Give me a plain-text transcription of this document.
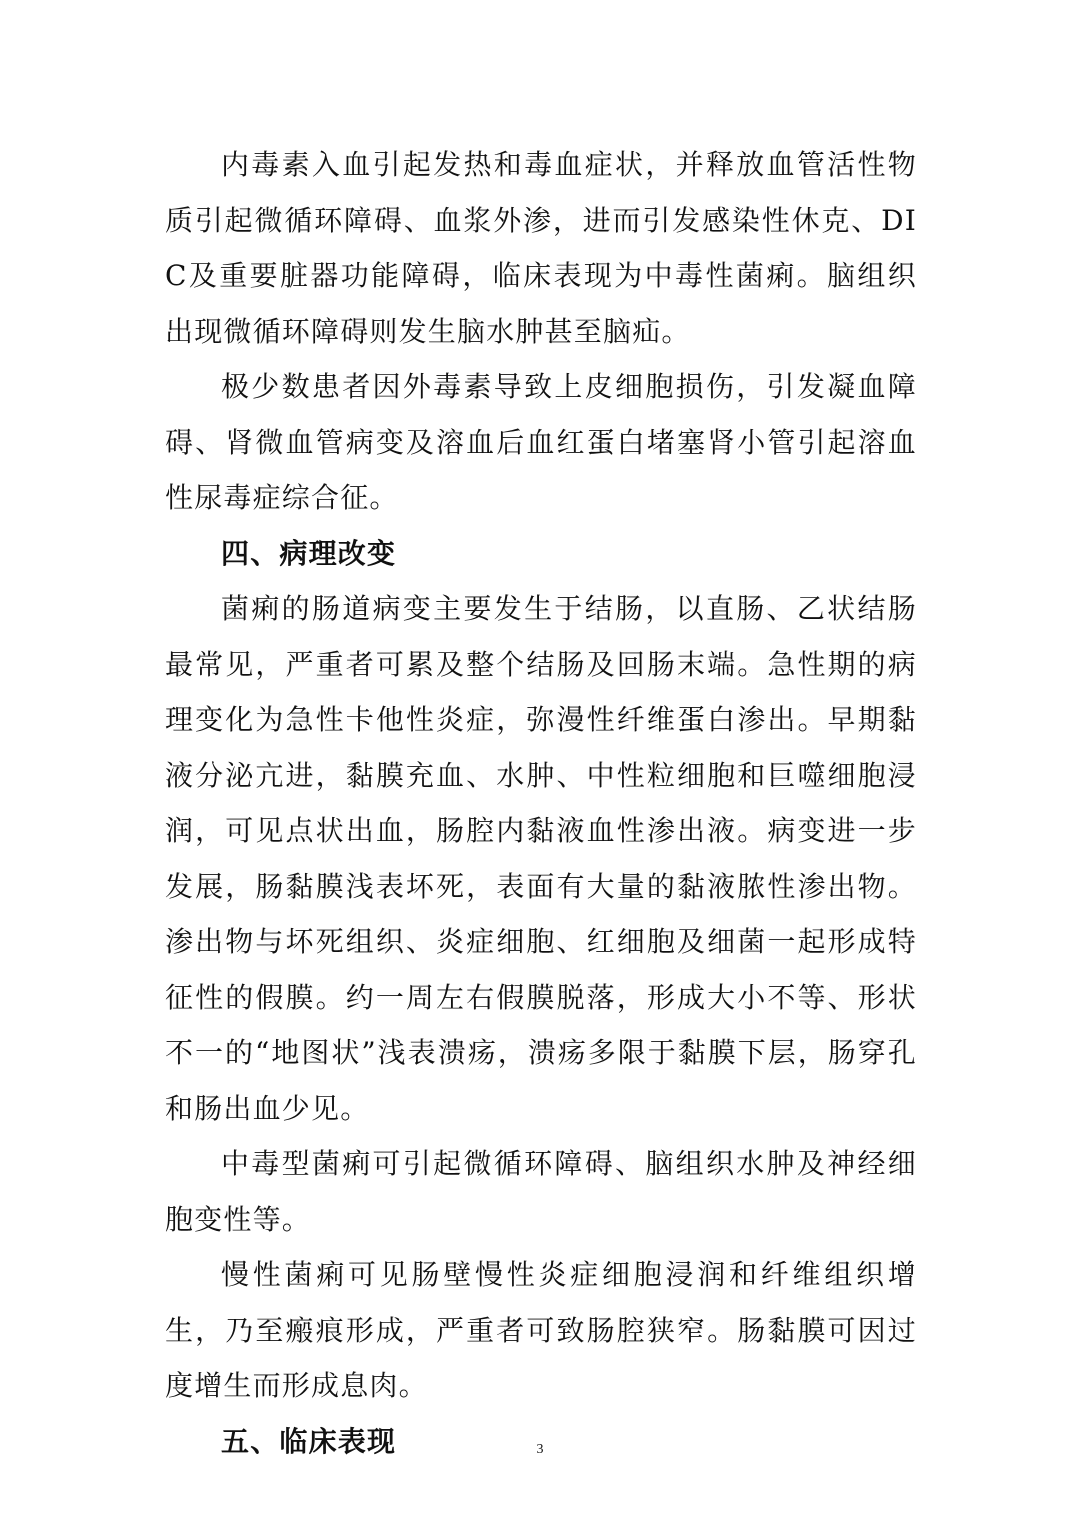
内毒素入血引起发热和毒血症状，并释放血管活性物质引起微循环障碍、血浆外渗，进而引发感染性休克、DIC及重要脏器功能障碍，临床表现为中毒性菌痢。脑组织出现微循环障碍则发生脑水肿甚至脑疝。

极少数患者因外毒素导致上皮细胞损伤，引发凝血障碍、肾微血管病变及溶血后血红蛋白堵塞肾小管引起溶血性尿毒症综合征。

四、病理改变

菌痢的肠道病变主要发生于结肠，以直肠、乙状结肠最常见，严重者可累及整个结肠及回肠末端。急性期的病理变化为急性卡他性炎症，弥漫性纤维蛋白渗出。早期黏液分泌亢进，黏膜充血、水肿、中性粒细胞和巨噬细胞浸润，可见点状出血，肠腔内黏液血性渗出液。病变进一步发展，肠黏膜浅表坏死，表面有大量的黏液脓性渗出物。渗出物与坏死组织、炎症细胞、红细胞及细菌一起形成特征性的假膜。约一周左右假膜脱落，形成大小不等、形状不一的“地图状”浅表溃疡，溃疡多限于黏膜下层，肠穿孔和肠出血少见。

中毒型菌痢可引起微循环障碍、脑组织水肿及神经细胞变性等。

慢性菌痢可见肠壁慢性炎症细胞浸润和纤维组织增生，乃至瘢痕形成，严重者可致肠腔狭窄。肠黏膜可因过度增生而形成息肉。

五、临床表现	3
